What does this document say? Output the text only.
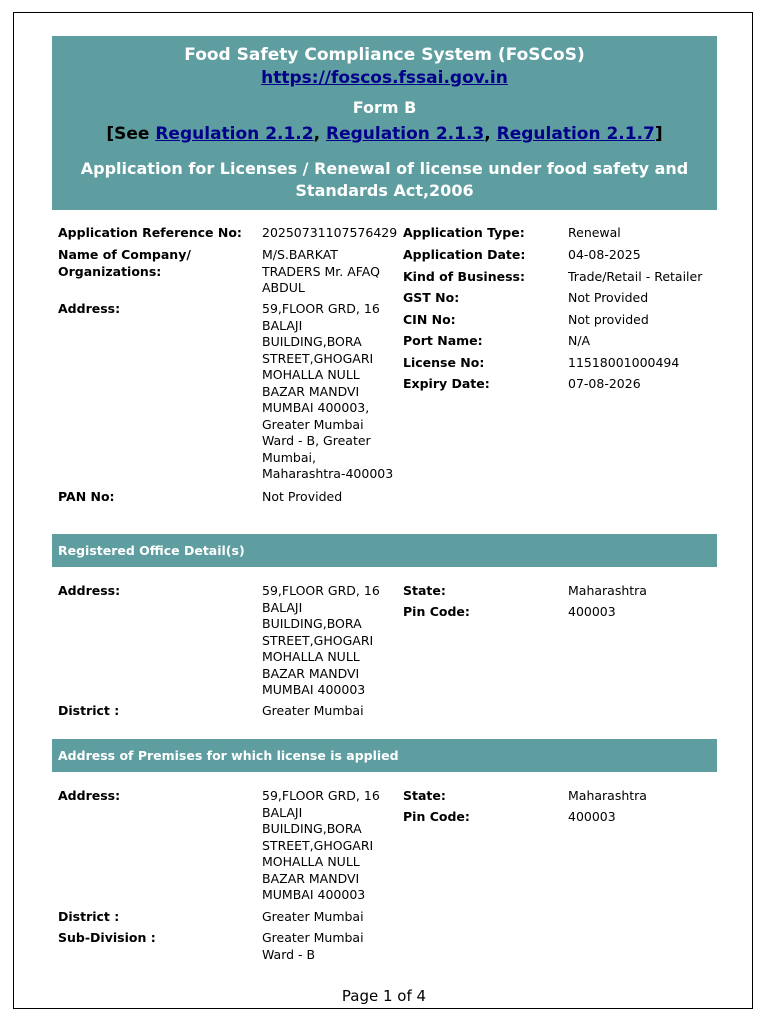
Food Safety Compliance System (FoSCoS)
https://foscos.fssai.gov.in
Form B
[See Regulation 2.1.2, Regulation 2.1.3, Regulation 2.1.7]
Application for Licenses / Renewal of license under food safety and Standards Act,2006
Application Reference No:	20250731107576429
Name of Company/ Organizations:
M/S.BARKAT TRADERS Mr. AFAQ ABDUL
Address:	59,FLOOR GRD, 16 BALAJI BUILDING,BORA STREET,GHOGARI MOHALLA NULL BAZAR MANDVI MUMBAI 400003, Greater Mumbai Ward - B, Greater Mumbai, Maharashtra-400003
PAN No:	Not Provided
Application Type:	Renewal
Application Date:	04-08-2025
Kind of Business:	Trade/Retail - Retailer
GST No:	Not Provided
CIN No:	Not provided
Port Name:	N/A
License No:	11518001000494
Expiry Date:	07-08-2026
Registered Office Detail(s)
Address:	59,FLOOR GRD, 16 BALAJI BUILDING,BORA STREET,GHOGARI MOHALLA NULL BAZAR MANDVI MUMBAI 400003
District :	Greater Mumbai
State:	Maharashtra
Pin Code:	400003
Address of Premises for which license is applied
Address:	59,FLOOR GRD, 16 BALAJI BUILDING,BORA STREET,GHOGARI MOHALLA NULL BAZAR MANDVI MUMBAI 400003
District :	Greater Mumbai
Sub-Division :	Greater Mumbai Ward - B
State:	Maharashtra
Pin Code:	400003
Page 1 of 4
